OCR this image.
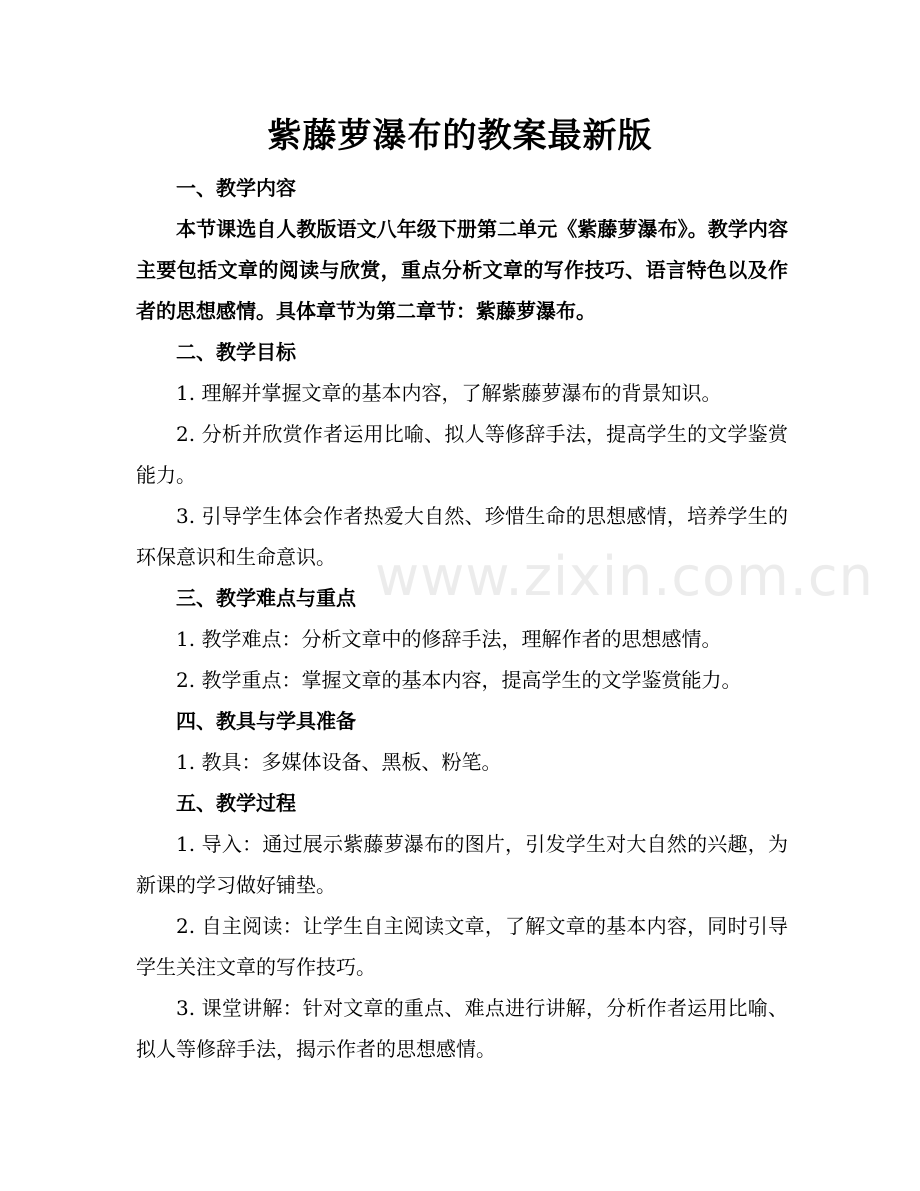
紫藤萝瀑布的教案最新版

一、教学内容

本节课选自人教版语文八年级下册第二单元《紫藤萝瀑布》。教学内容主要包括文章的阅读与欣赏，重点分析文章的写作技巧、语言特色以及作者的思想感情。具体章节为第二章节：紫藤萝瀑布。

二、教学目标

1. 理解并掌握文章的基本内容，了解紫藤萝瀑布的背景知识。

2. 分析并欣赏作者运用比喻、拟人等修辞手法，提高学生的文学鉴赏能力。

3. 引导学生体会作者热爱大自然、珍惜生命的思想感情，培养学生的环保意识和生命意识。

三、教学难点与重点

1. 教学难点：分析文章中的修辞手法，理解作者的思想感情。

2. 教学重点：掌握文章的基本内容，提高学生的文学鉴赏能力。

四、教具与学具准备

1. 教具：多媒体设备、黑板、粉笔。

五、教学过程

1. 导入：通过展示紫藤萝瀑布的图片，引发学生对大自然的兴趣，为新课的学习做好铺垫。

2. 自主阅读：让学生自主阅读文章，了解文章的基本内容，同时引导学生关注文章的写作技巧。

3. 课堂讲解：针对文章的重点、难点进行讲解，分析作者运用比喻、拟人等修辞手法，揭示作者的思想感情。

www.zixin.com.cn
